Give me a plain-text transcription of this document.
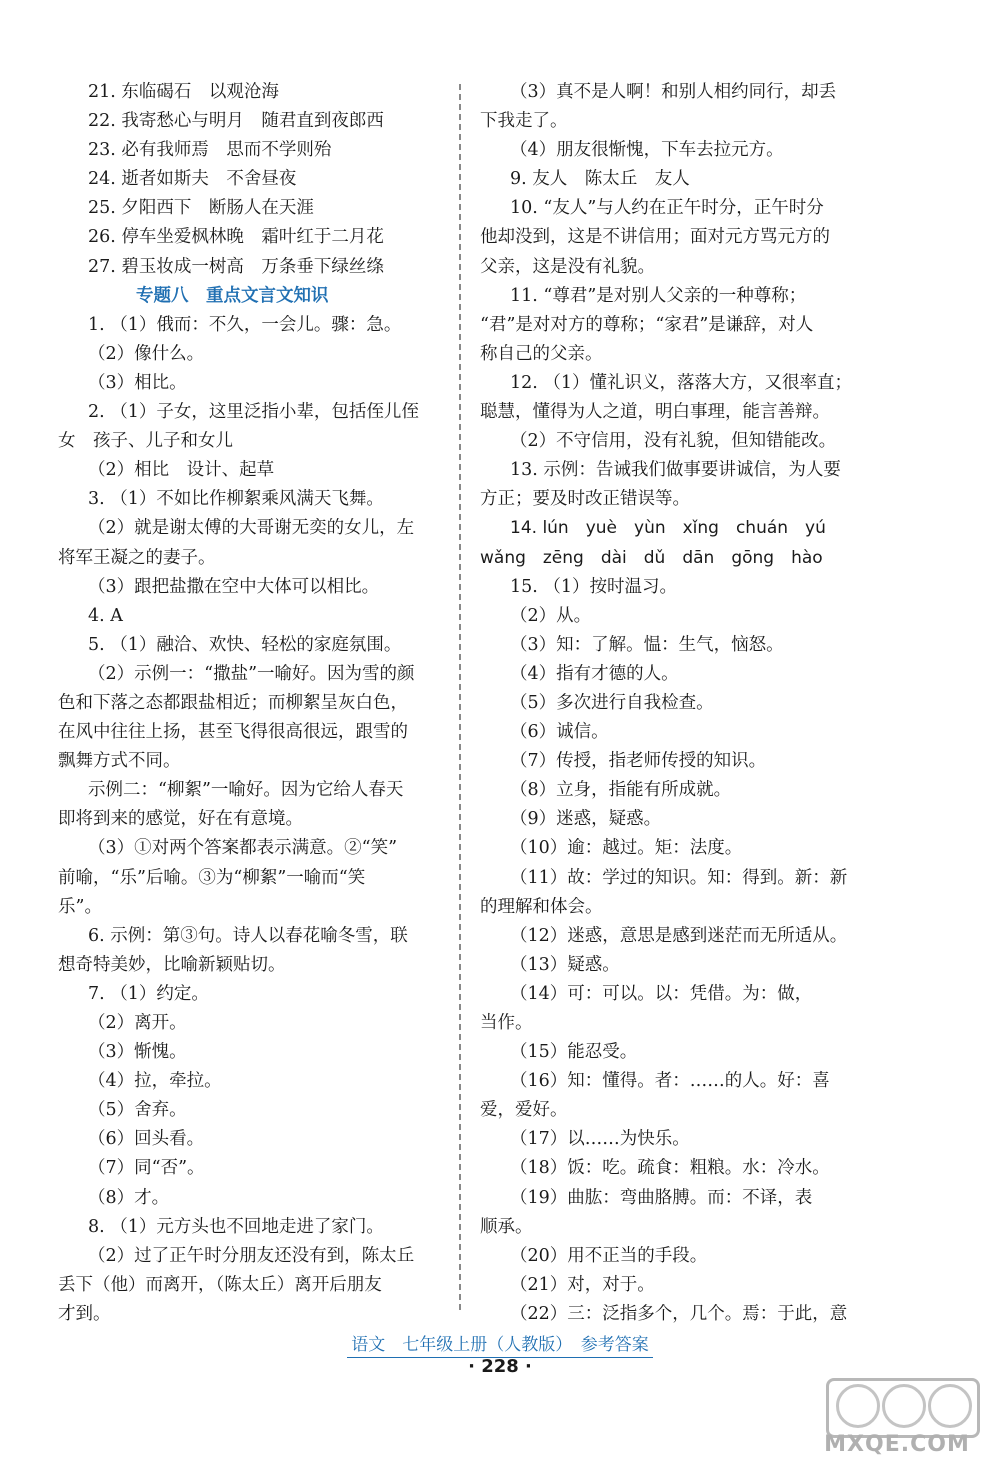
21. 东临碣石　以观沧海
22. 我寄愁心与明月　随君直到夜郎西
23. 必有我师焉　思而不学则殆
24. 逝者如斯夫　不舍昼夜
25. 夕阳西下　断肠人在天涯
26. 停车坐爱枫林晚　霜叶红于二月花
27. 碧玉妆成一树高　万条垂下绿丝绦
专题八　重点文言文知识
1. （1）俄而：不久，一会儿。骤：急。
（2）像什么。
（3）相比。
2. （1）子女，这里泛指小辈，包括侄儿侄
女　孩子、儿子和女儿
（2）相比　设计、起草
3. （1）不如比作柳絮乘风满天飞舞。
（2）就是谢太傅的大哥谢无奕的女儿，左
将军王凝之的妻子。
（3）跟把盐撒在空中大体可以相比。
4. A
5. （1）融洽、欢快、轻松的家庭氛围。
（2）示例一：“撒盐”一喻好。因为雪的颜
色和下落之态都跟盐相近；而柳絮呈灰白色，
在风中往往上扬，甚至飞得很高很远，跟雪的
飘舞方式不同。
示例二：“柳絮”一喻好。因为它给人春天
即将到来的感觉，好在有意境。
（3）①对两个答案都表示满意。②“笑”
前喻，“乐”后喻。③为“柳絮”一喻而“笑
乐”。
6. 示例：第③句。诗人以春花喻冬雪，联
想奇特美妙，比喻新颖贴切。
7. （1）约定。
（2）离开。
（3）惭愧。
（4）拉，牵拉。
（5）舍弃。
（6）回头看。
（7）同“否”。
（8）才。
8. （1）元方头也不回地走进了家门。
（2）过了正午时分朋友还没有到，陈太丘
丢下（他）而离开，（陈太丘）离开后朋友
才到。
（3）真不是人啊！和别人相约同行，却丢
下我走了。
（4）朋友很惭愧，下车去拉元方。
9. 友人　陈太丘　友人
10. “友人”与人约在正午时分，正午时分
他却没到，这是不讲信用；面对元方骂元方的
父亲，这是没有礼貌。
11. “尊君”是对别人父亲的一种尊称；
“君”是对对方的尊称；“家君”是谦辞，对人
称自己的父亲。
12. （1）懂礼识义，落落大方，又很率直；
聪慧，懂得为人之道，明白事理，能言善辩。
（2）不守信用，没有礼貌，但知错能改。
13. 示例：告诫我们做事要讲诚信，为人要
方正；要及时改正错误等。
14. lún　yuè　yùn　xǐng　chuán　yú
wǎng　zēng　dài　dǔ　dān　gōng　hào
15. （1）按时温习。
（2）从。
（3）知：了解。愠：生气，恼怒。
（4）指有才德的人。
（5）多次进行自我检查。
（6）诚信。
（7）传授，指老师传授的知识。
（8）立身，指能有所成就。
（9）迷惑，疑惑。
（10）逾：越过。矩：法度。
（11）故：学过的知识。知：得到。新：新
的理解和体会。
（12）迷惑，意思是感到迷茫而无所适从。
（13）疑惑。
（14）可：可以。以：凭借。为：做，
当作。
（15）能忍受。
（16）知：懂得。者：……的人。好：喜
爱，爱好。
（17）以……为快乐。
（18）饭：吃。疏食：粗粮。水：冷水。
（19）曲肱：弯曲胳膊。而：不译，表
顺承。
（20）用不正当的手段。
（21）对，对于。
（22）三：泛指多个，几个。焉：于此，意
语文　七年级上册（人教版）　参考答案
· 228 ·
MXQE.COM
